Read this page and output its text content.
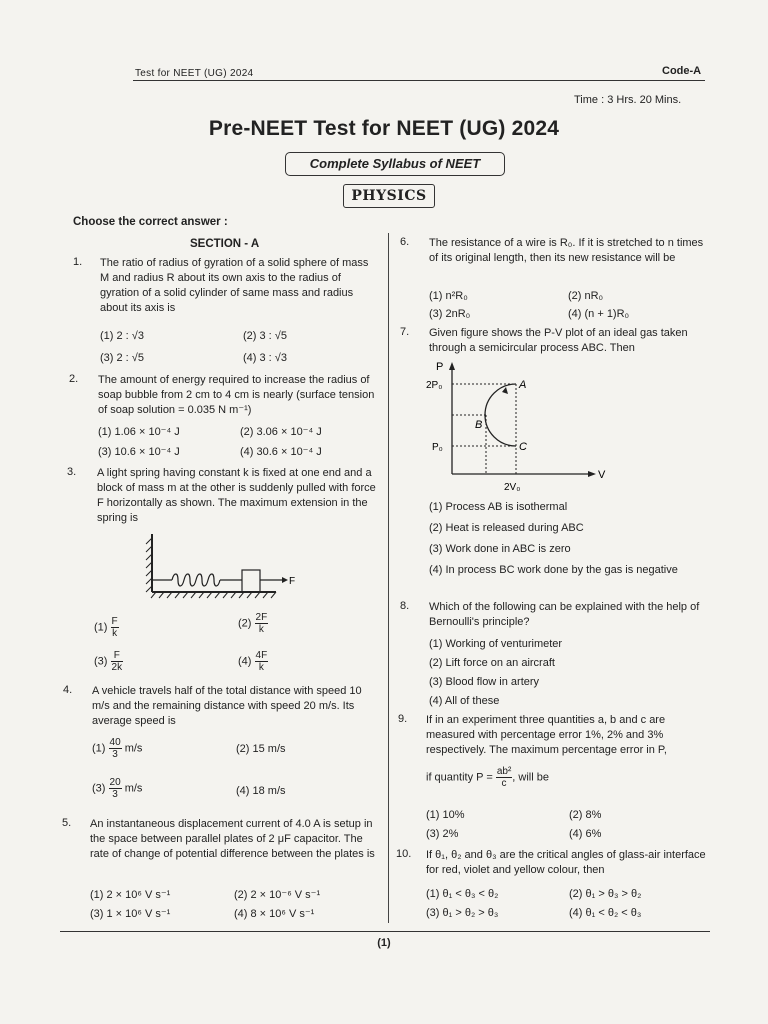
Test for NEET (UG) 2024	Code-A
Time : 3 Hrs. 20 Mins.
Pre-NEET Test for NEET (UG) 2024
Complete Syllabus of NEET
PHYSICS
Choose the correct answer :
SECTION - A
1. The ratio of radius of gyration of a solid sphere of mass M and radius R about its own axis to the radius of gyration of a solid cylinder of same mass and radius about its axis is
(1) 2 : √3	(2) 3 : √5
(3) 2 : √5	(4) 3 : √3
2. The amount of energy required to increase the radius of soap bubble from 2 cm to 4 cm is nearly (surface tension of soap solution = 0.035 N m⁻¹)
(1) 1.06 × 10⁻⁴ J	(2) 3.06 × 10⁻⁴ J
(3) 10.6 × 10⁻⁴ J	(4) 30.6 × 10⁻⁴ J
3. A light spring having constant k is fixed at one end and a block of mass m at the other is suddenly pulled with force F horizontally as shown. The maximum extension in the spring is
F
$(1) \frac{F}{k}$	$(2) \frac{2F}{k}$
$(3) \frac{F}{2k}$	$(4) \frac{4F}{k}$
4. A vehicle travels half of the total distance with speed 10 m/s and the remaining distance with speed 20 m/s. Its average speed is
$(1) \frac{40}{3} m/s$	(2) 15 m/s
$(3) \frac{20}{3} m/s$	(4) 18 m/s
5. An instantaneous displacement current of 4.0 A is setup in the space between parallel plates of 2 μF capacitor. The rate of change of potential difference between the plates is
(1) 2 × 10⁶ V s⁻¹	(2) 2 × 10⁻⁶ V s⁻¹
(3) 1 × 10⁶ V s⁻¹	(4) 8 × 10⁶ V s⁻¹
6. The resistance of a wire is R₀. If it is stretched to n times of its original length, then its new resistance will be
(1) n²R₀	(2) nR₀
(3) 2nR₀	(4) (n + 1)R₀
7. Given figure shows the P-V plot of an ideal gas taken through a semicircular process ABC. Then
P
V
2P₀
P₀
2V₀
A
B
C
(1) Process AB is isothermal
(2) Heat is released during ABC
(3) Work done in ABC is zero
(4) In process BC work done by the gas is negative
8. Which of the following can be explained with the help of Bernoulli's principle?
(1) Working of venturimeter
(2) Lift force on an aircraft
(3) Blood flow in artery
(4) All of these
9. If in an experiment three quantities a, b and c are measured with percentage error 1%, 2% and 3% respectively. The maximum percentage error in P,
if quantity $P = \frac{\text{ab²}}{c}$ , will be
(1) 10%	(2) 8%
(3) 2%	(4) 6%
10. If θ₁, θ₂ and θ₃ are the critical angles of glass-air interface for red, violet and yellow colour, then
(1) θ₁ < θ₃ < θ₂	(2) θ₁ > θ₃ > θ₂
(3) θ₁ > θ₂ > θ₃	(4) θ₁ < θ₂ < θ₃
(1)
